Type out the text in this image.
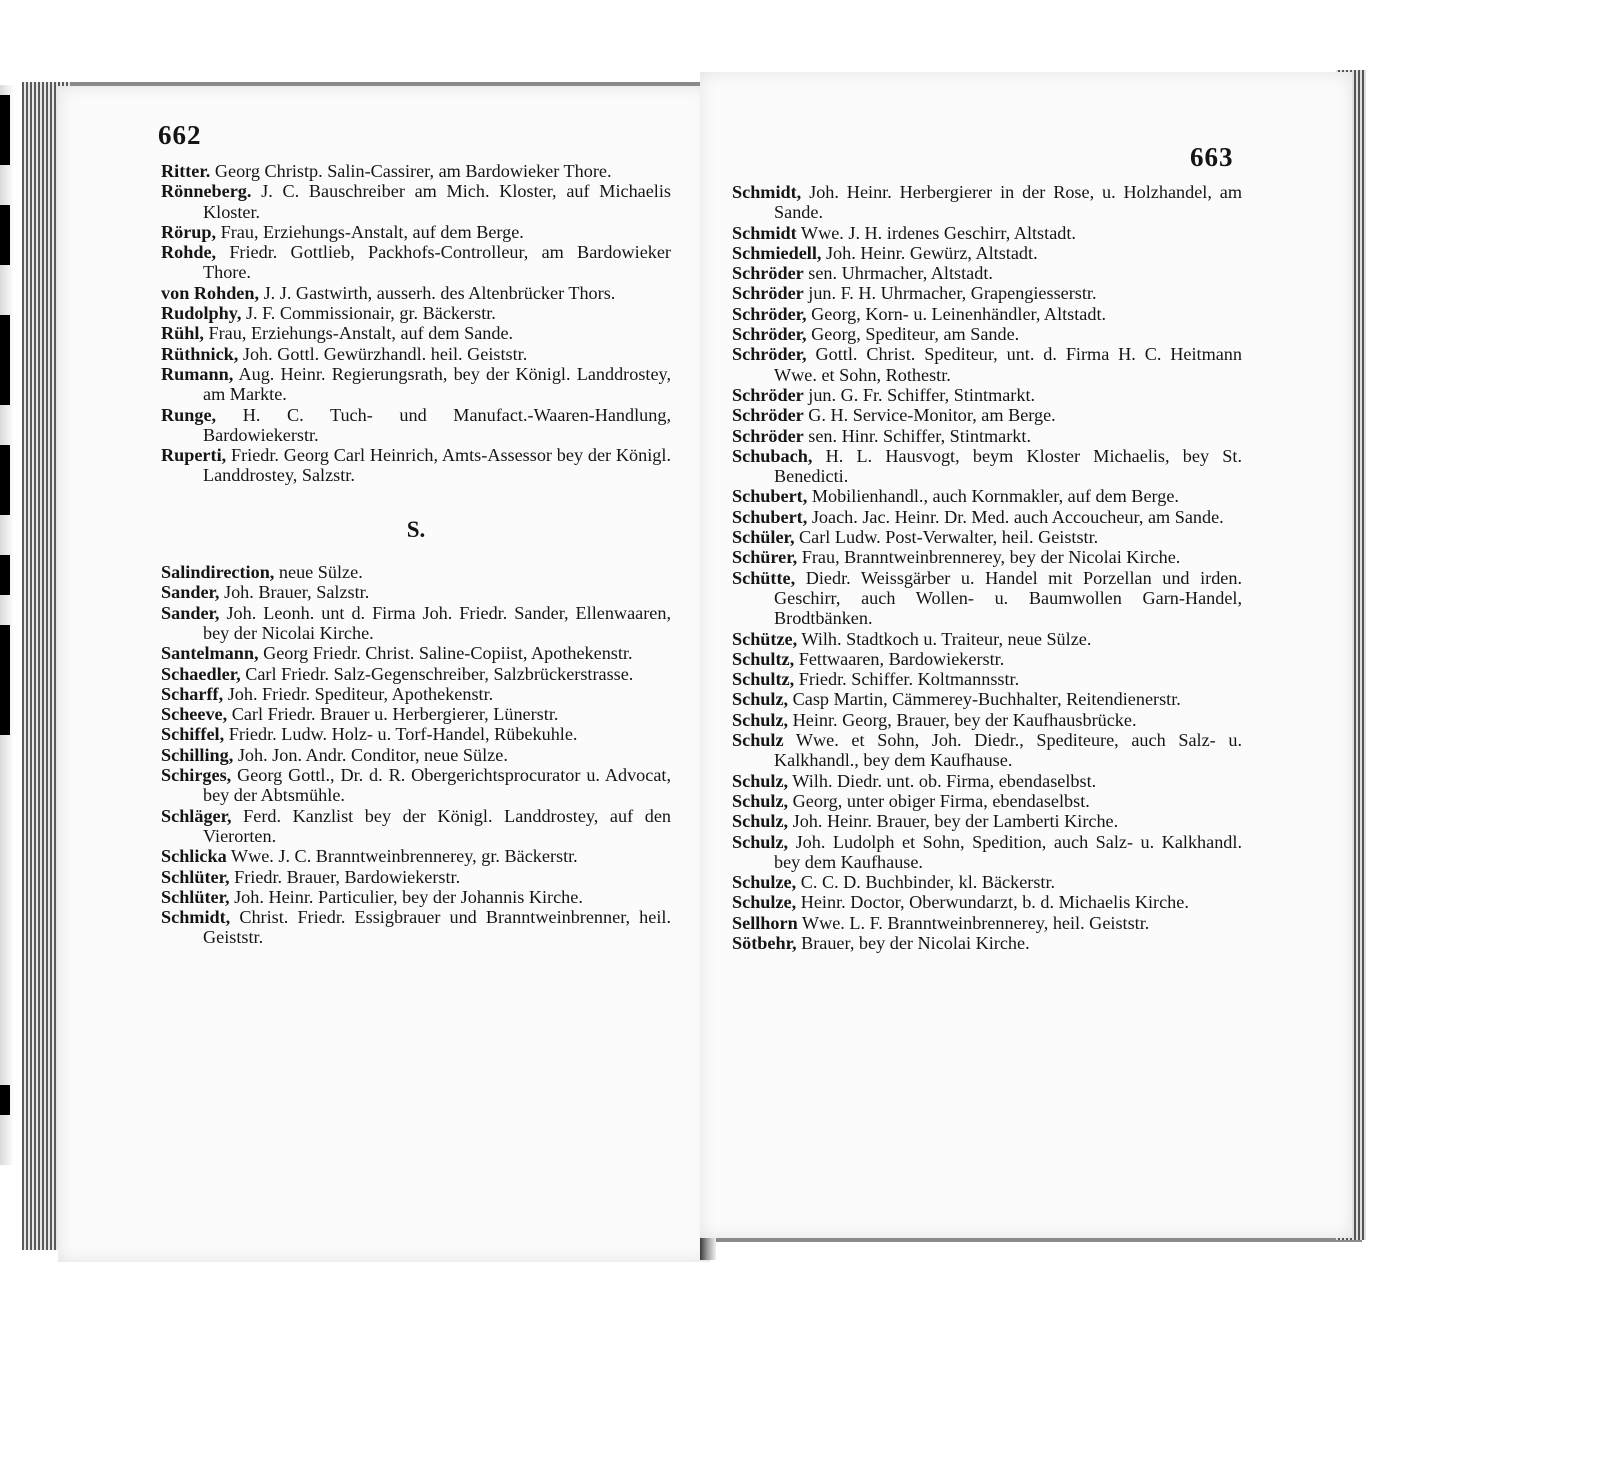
662

Ritter. Georg Christp. Salin-Cassirer, am Bardowieker Thore.

Rönneberg. J. C. Bauschreiber am Mich. Kloster, auf Michaelis Kloster.

Rörup, Frau, Erziehungs-Anstalt, auf dem Berge.

Rohde, Friedr. Gottlieb, Packhofs-Controlleur, am Bardowieker Thore.

von Rohden, J. J. Gastwirth, ausserh. des Altenbrücker Thors.

Rudolphy, J. F. Commissionair, gr. Bäckerstr.

Rühl, Frau, Erziehungs-Anstalt, auf dem Sande.

Rüthnick, Joh. Gottl. Gewürzhandl. heil. Geiststr.

Rumann, Aug. Heinr. Regierungsrath, bey der Königl. Landdrostey, am Markte.

Runge, H. C. Tuch- und Manufact.-Waaren-Handlung, Bardowiekerstr.

Ruperti, Friedr. Georg Carl Heinrich, Amts-Assessor bey der Königl. Landdrostey, Salzstr.

S.

Salindirection, neue Sülze.

Sander, Joh. Brauer, Salzstr.

Sander, Joh. Leonh. unt d. Firma Joh. Friedr. Sander, Ellenwaaren, bey der Nicolai Kirche.

Santelmann, Georg Friedr. Christ. Saline-Copiist, Apothekenstr.

Schaedler, Carl Friedr. Salz-Gegenschreiber, Salzbrückerstrasse.

Scharff, Joh. Friedr. Spediteur, Apothekenstr.

Scheeve, Carl Friedr. Brauer u. Herbergierer, Lünerstr.

Schiffel, Friedr. Ludw. Holz- u. Torf-Handel, Rübekuhle.

Schilling, Joh. Jon. Andr. Conditor, neue Sülze.

Schirges, Georg Gottl., Dr. d. R. Obergerichtsprocurator u. Advocat, bey der Abtsmühle.

Schläger, Ferd. Kanzlist bey der Königl. Landdrostey, auf den Vierorten.

Schlicka Wwe. J. C. Branntweinbrennerey, gr. Bäckerstr.

Schlüter, Friedr. Brauer, Bardowiekerstr.

Schlüter, Joh. Heinr. Particulier, bey der Johannis Kirche.

Schmidt, Christ. Friedr. Essigbrauer und Branntweinbrenner, heil. Geiststr.

663

Schmidt, Joh. Heinr. Herbergierer in der Rose, u. Holzhandel, am Sande.

Schmidt Wwe. J. H. irdenes Geschirr, Altstadt.

Schmiedell, Joh. Heinr. Gewürz, Altstadt.

Schröder sen. Uhrmacher, Altstadt.

Schröder jun. F. H. Uhrmacher, Grapengiesserstr.

Schröder, Georg, Korn- u. Leinenhändler, Altstadt.

Schröder, Georg, Spediteur, am Sande.

Schröder, Gottl. Christ. Spediteur, unt. d. Firma H. C. Heitmann Wwe. et Sohn, Rothestr.

Schröder jun. G. Fr. Schiffer, Stintmarkt.

Schröder G. H. Service-Monitor, am Berge.

Schröder sen. Hinr. Schiffer, Stintmarkt.

Schubach, H. L. Hausvogt, beym Kloster Michaelis, bey St. Benedicti.

Schubert, Mobilienhandl., auch Kornmakler, auf dem Berge.

Schubert, Joach. Jac. Heinr. Dr. Med. auch Accoucheur, am Sande.

Schüler, Carl Ludw. Post-Verwalter, heil. Geiststr.

Schürer, Frau, Branntweinbrennerey, bey der Nicolai Kirche.

Schütte, Diedr. Weissgärber u. Handel mit Porzellan und irden. Geschirr, auch Wollen- u. Baumwollen Garn-Handel, Brodtbänken.

Schütze, Wilh. Stadtkoch u. Traiteur, neue Sülze.

Schultz, Fettwaaren, Bardowiekerstr.

Schultz, Friedr. Schiffer. Koltmannsstr.

Schulz, Casp Martin, Cämmerey-Buchhalter, Reitendienerstr.

Schulz, Heinr. Georg, Brauer, bey der Kaufhausbrücke.

Schulz Wwe. et Sohn, Joh. Diedr., Spediteure, auch Salz- u. Kalkhandl., bey dem Kaufhause.

Schulz, Wilh. Diedr. unt. ob. Firma, ebendaselbst.

Schulz, Georg, unter obiger Firma, ebendaselbst.

Schulz, Joh. Heinr. Brauer, bey der Lamberti Kirche.

Schulz, Joh. Ludolph et Sohn, Spedition, auch Salz- u. Kalkhandl. bey dem Kaufhause.

Schulze, C. C. D. Buchbinder, kl. Bäckerstr.

Schulze, Heinr. Doctor, Oberwundarzt, b. d. Michaelis Kirche.

Sellhorn Wwe. L. F. Branntweinbrennerey, heil. Geiststr.

Sötbehr, Brauer, bey der Nicolai Kirche.
